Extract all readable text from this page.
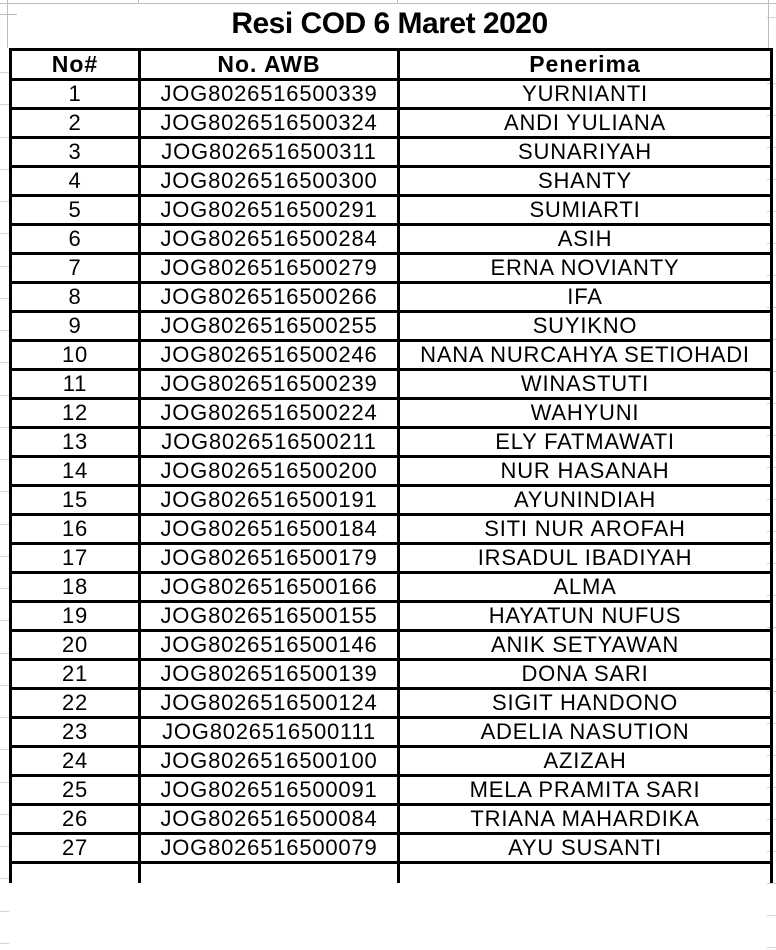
Resi COD 6 Maret 2020
No#	No. AWB	Penerima
1	JOG8026516500339	YURNIANTI
2	JOG8026516500324	ANDI YULIANA
3	JOG8026516500311	SUNARIYAH
4	JOG8026516500300	SHANTY
5	JOG8026516500291	SUMIARTI
6	JOG8026516500284	ASIH
7	JOG8026516500279	ERNA NOVIANTY
8	JOG8026516500266	IFA
9	JOG8026516500255	SUYIKNO
10	JOG8026516500246	NANA NURCAHYA SETIOHADI
11	JOG8026516500239	WINASTUTI
12	JOG8026516500224	WAHYUNI
13	JOG8026516500211	ELY FATMAWATI
14	JOG8026516500200	NUR HASANAH
15	JOG8026516500191	AYUNINDIAH
16	JOG8026516500184	SITI NUR AROFAH
17	JOG8026516500179	IRSADUL IBADIYAH
18	JOG8026516500166	ALMA
19	JOG8026516500155	HAYATUN NUFUS
20	JOG8026516500146	ANIK SETYAWAN
21	JOG8026516500139	DONA SARI
22	JOG8026516500124	SIGIT HANDONO
23	JOG8026516500111	ADELIA NASUTION
24	JOG8026516500100	AZIZAH
25	JOG8026516500091	MELA PRAMITA SARI
26	JOG8026516500084	TRIANA MAHARDIKA
27	JOG8026516500079	AYU SUSANTI
